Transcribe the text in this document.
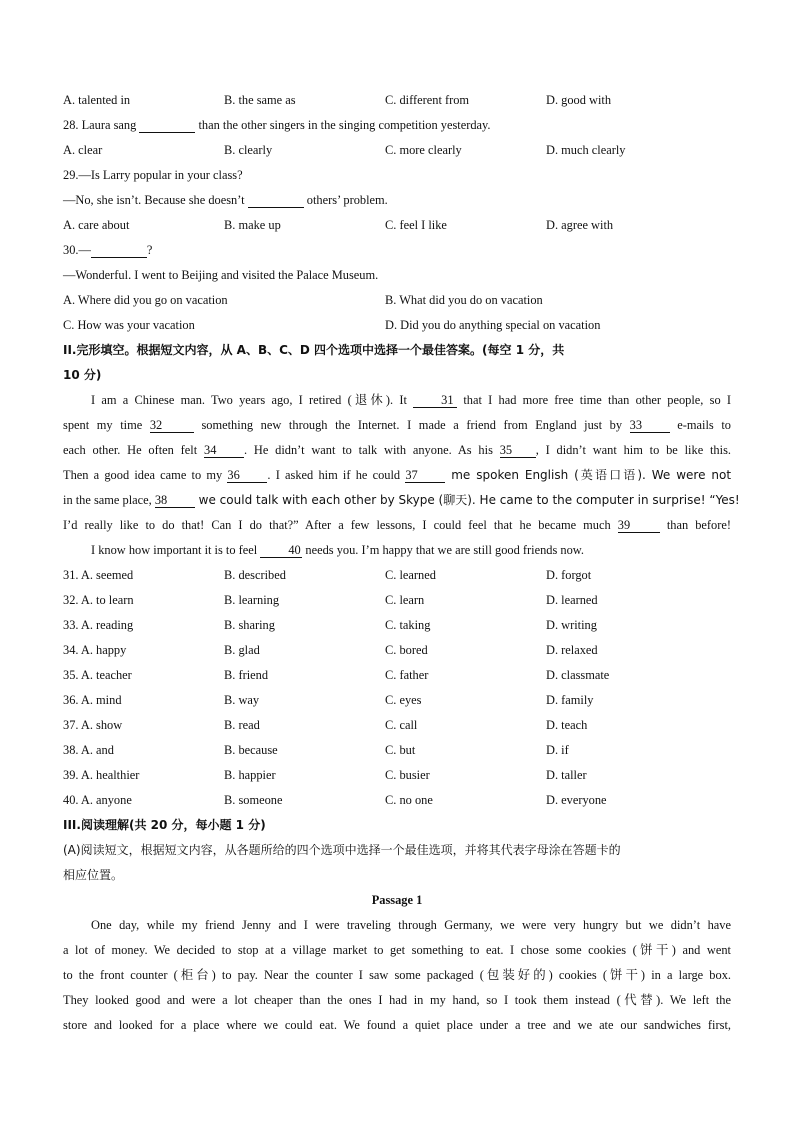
A. talented in	B. the same as	C. different from	D. good with
28. Laura sang	than the other singers in the singing competition yesterday.
A. clear	B. clearly	C. more clearly	D. much clearly
29.—Is Larry popular in your class?
—No, she isn’t. Because she doesn’t	others’ problem.
A. care about	B. make up	C. feel I like	D. agree with
30.—	?
—Wonderful. I went to Beijing and visited the Palace Museum.
A. Where did you go on vacation	B. What did you do on vacation
C. How was your vacation	D. Did you do anything special on vacation
II.完形填空。根据短文内容，从 A、B、C、D 四个选项中选择一个最佳答案。(每空 1 分，共
10 分)
I am a Chinese man. Two years ago, I retired (退休). It 31 that I had more free time than other people, so I
spent my time 32	something new through the Internet. I made a friend from England just by 33	e-mails to
each other. He often felt 34 . He didn’t want to talk with anyone. As his 35 , I didn’t want him to be like this.
Then a good idea came to my 36 . I asked him if he could 37 me spoken English (英语口语). We were not
in the same place, 38 we could talk with each other by Skype (聊天). He came to the computer in surprise! “Yes!
I’d really like to do that! Can I do that?” After a few lessons, I could feel that he became much 39 than before!
I know how important it is to feel 40 needs you. I’m happy that we are still good friends now.
31. A. seemed	B. described	C. learned	D. forgot
32. A. to learn	B. learning	C. learn	D. learned
33. A. reading	B. sharing	C. taking	D. writing
34. A. happy	B. glad	C. bored	D. relaxed
35. A. teacher	B. friend	C. father	D. classmate
36. A. mind	B. way	C. eyes	D. family
37. A. show	B. read	C. call	D. teach
38. A. and	B. because	C. but	D. if
39. A. healthier	B. happier	C. busier	D. taller
40. A. anyone	B. someone	C. no one	D. everyone
III.阅读理解(共 20 分，每小题 1 分)
(A)阅读短文，根据短文内容，从各题所给的四个选项中选择一个最佳选项，并将其代表字母涂在答题卡的
相应位置。
Passage 1
One day, while my friend Jenny and I were traveling through Germany, we were very hungry but we didn’t have
a lot of money. We decided to stop at a village market to get something to eat. I chose some cookies (饼干) and went
to the front counter (柜台) to pay. Near the counter I saw some packaged (包装好的) cookies (饼干) in a large box.
They looked good and were a lot cheaper than the ones I had in my hand, so I took them instead (代替). We left the
store and looked for a place where we could eat. We found a quiet place under a tree and we ate our sandwiches first,
